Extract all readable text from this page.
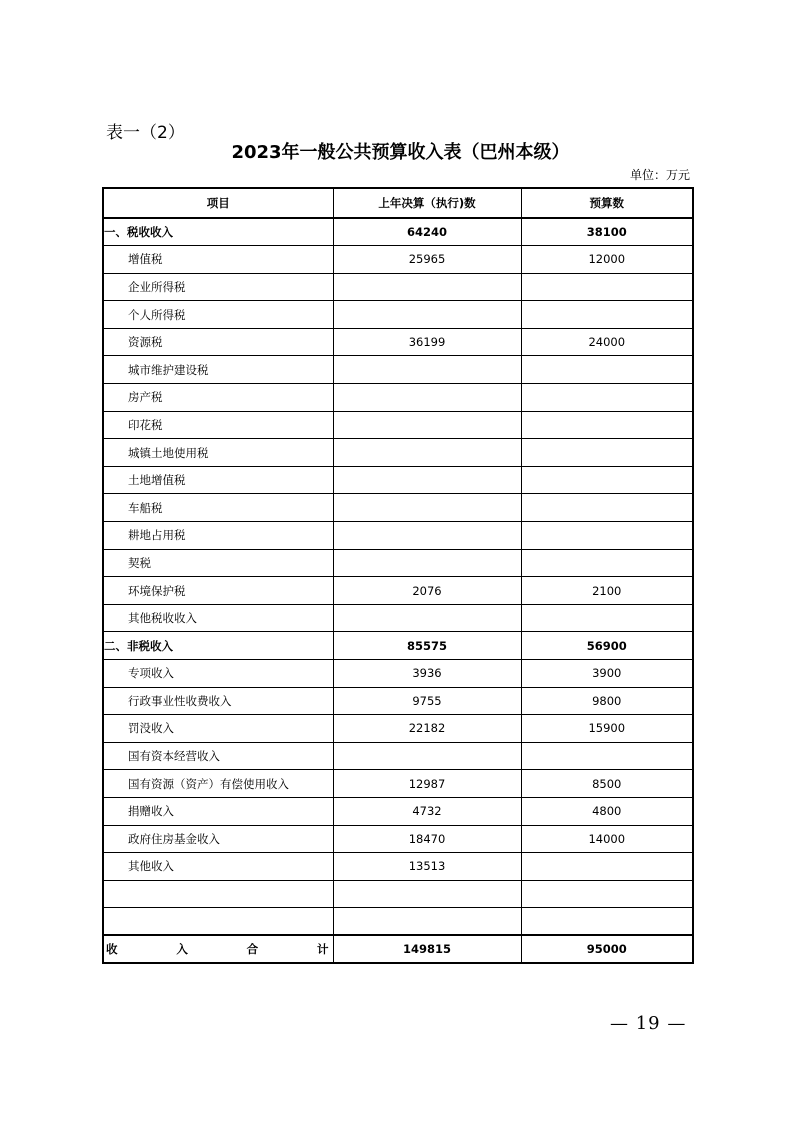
表一（2）
2023年一般公共预算收入表（巴州本级）
单位：万元
项目	上年决算（执行)数	预算数
一、税收收入	64240	38100
增值税	25965	12000
企业所得税		
个人所得税		
资源税	36199	24000
城市维护建设税		
房产税		
印花税		
城镇土地使用税		
土地增值税		
车船税		
耕地占用税		
契税		
环境保护税	2076	2100
其他税收收入		
二、非税收入	85575	56900
专项收入	3936	3900
行政事业性收费收入	9755	9800
罚没收入	22182	15900
国有资本经营收入		
国有资源（资产）有偿使用收入	12987	8500
捐赠收入	4732	4800
政府住房基金收入	18470	14000
其他收入	13513	

收 入 合 计	149815	95000
— 19 —
